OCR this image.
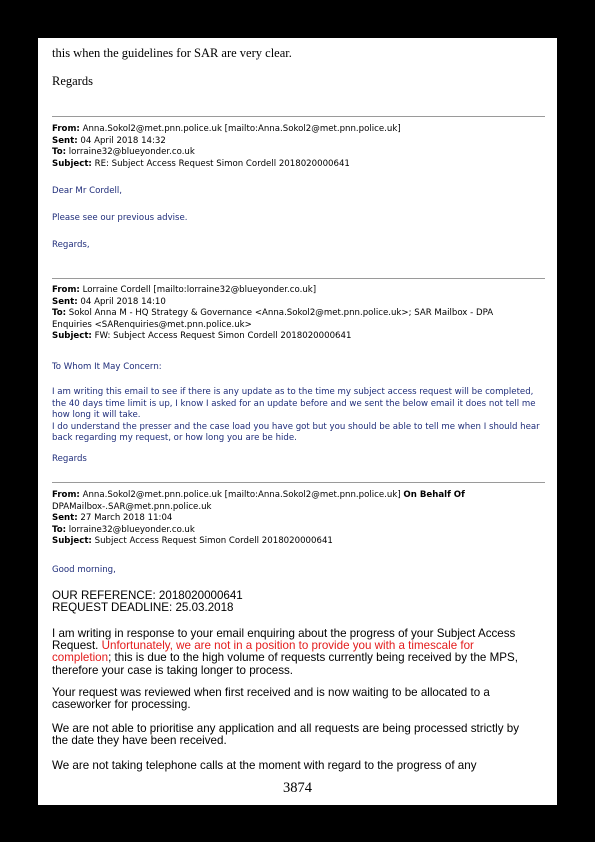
this when the guidelines for SAR are very clear.
Regards
From: Anna.Sokol2@met.pnn.police.uk [mailto:Anna.Sokol2@met.pnn.police.uk]
Sent: 04 April 2018 14:32
To: lorraine32@blueyonder.co.uk
Subject: RE: Subject Access Request Simon Cordell 2018020000641
Dear Mr Cordell,
Please see our previous advise.
Regards,
From: Lorraine Cordell [mailto:lorraine32@blueyonder.co.uk]
Sent: 04 April 2018 14:10
To: Sokol Anna M - HQ Strategy & Governance <Anna.Sokol2@met.pnn.police.uk>; SAR Mailbox - DPA
Enquiries <SARenquiries@met.pnn.police.uk>
Subject: FW: Subject Access Request Simon Cordell 2018020000641
To Whom It May Concern:
I am writing this email to see if there is any update as to the time my subject access request will be completed,
the 40 days time limit is up, I know I asked for an update before and we sent the below email it does not tell me
how long it will take.
I do understand the presser and the case load you have got but you should be able to tell me when I should hear
back regarding my request, or how long you are be hide.
Regards
From: Anna.Sokol2@met.pnn.police.uk [mailto:Anna.Sokol2@met.pnn.police.uk] On Behalf Of
DPAMailbox-.SAR@met.pnn.police.uk
Sent: 27 March 2018 11:04
To: lorraine32@blueyonder.co.uk
Subject: Subject Access Request Simon Cordell 2018020000641
Good morning,
OUR REFERENCE: 2018020000641
REQUEST DEADLINE: 25.03.2018
I am writing in response to your email enquiring about the progress of your Subject Access
Request. Unfortunately, we are not in a position to provide you with a timescale for
completion; this is due to the high volume of requests currently being received by the MPS,
therefore your case is taking longer to process.
Your request was reviewed when first received and is now waiting to be allocated to a
caseworker for processing.
We are not able to prioritise any application and all requests are being processed strictly by
the date they have been received.
We are not taking telephone calls at the moment with regard to the progress of any
3874
